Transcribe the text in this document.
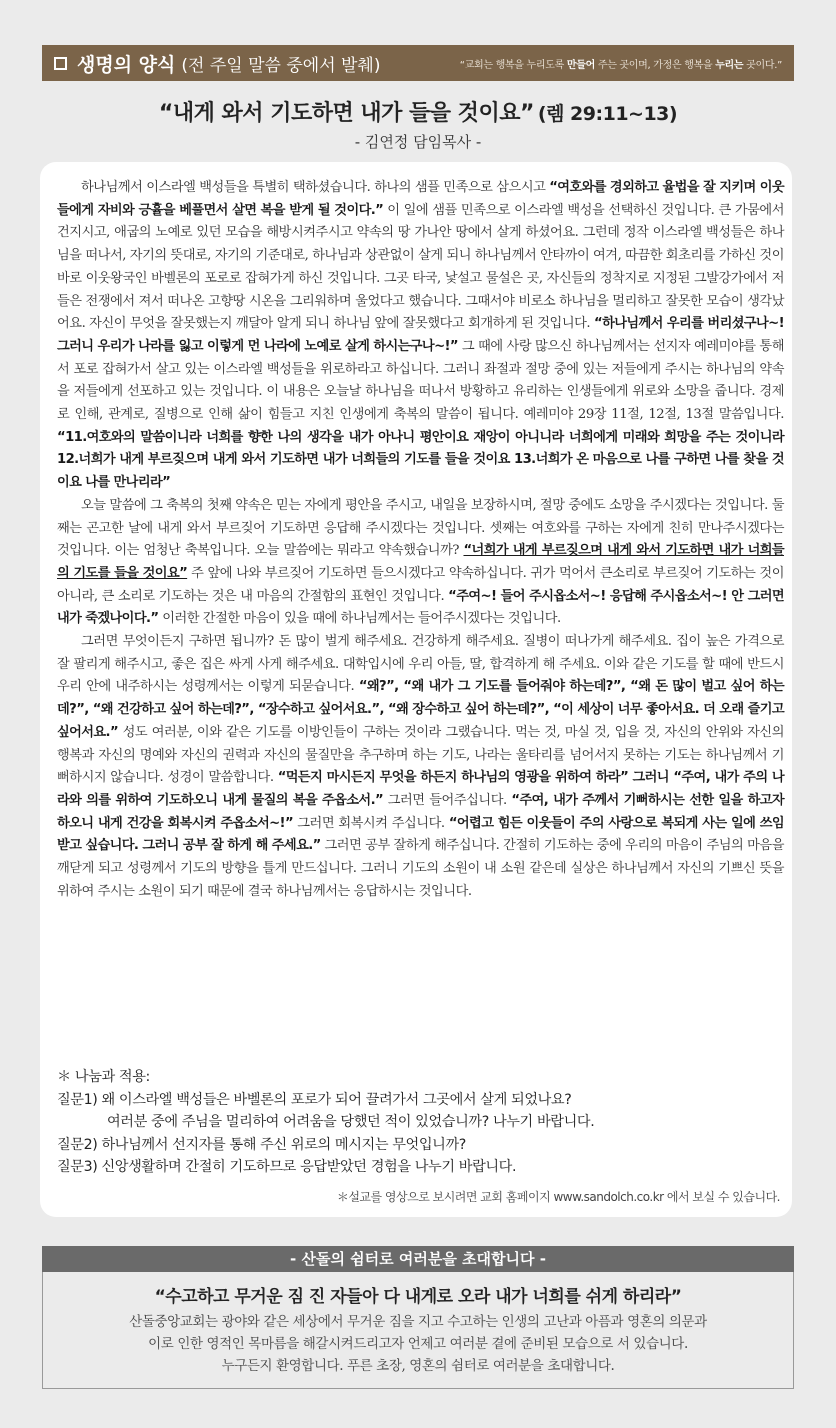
생명의 양식 (전 주일 말씀 중에서 발췌)	“교회는 행복을 누리도록 만들어 주는 곳이며, 가정은 행복을 누리는 곳이다.”
“내게 와서 기도하면 내가 들을 것이요” (렘 29:11~13)
- 김연정 담임목사 -

하나님께서 이스라엘 백성들을 특별히 택하셨습니다. 하나의 샘플 민족으로 삼으시고 “여호와를 경외하고 율법을 잘 지키며 이웃들에게 자비와 긍휼을 베풀면서 살면 복을 받게 될 것이다.” 이 일에 샘플 민족으로 이스라엘 백성을 선택하신 것입니다. 큰 가뭄에서 건지시고, 애굽의 노예로 있던 모습을 해방시켜주시고 약속의 땅 가나안 땅에서 살게 하셨어요. 그런데 정작 이스라엘 백성들은 하나님을 떠나서, 자기의 뜻대로, 자기의 기준대로, 하나님과 상관없이 살게 되니 하나님께서 안타까이 여겨, 따끔한 회초리를 가하신 것이 바로 이웃왕국인 바벨론의 포로로 잡혀가게 하신 것입니다. 그곳 타국, 낯설고 물설은 곳, 자신들의 정착지로 지정된 그발강가에서 저들은 전쟁에서 져서 떠나온 고향땅 시온을 그리워하며 울었다고 했습니다. 그때서야 비로소 하나님을 멀리하고 잘못한 모습이 생각났어요. 자신이 무엇을 잘못했는지 깨달아 알게 되니 하나님 앞에 잘못했다고 회개하게 된 것입니다. “하나님께서 우리를 버리셨구나~! 그러니 우리가 나라를 잃고 이렇게 먼 나라에 노예로 살게 하시는구나~!” 그 때에 사랑 많으신 하나님께서는 선지자 예레미야를 통해서 포로 잡혀가서 살고 있는 이스라엘 백성들을 위로하라고 하십니다. 그러니 좌절과 절망 중에 있는 저들에게 주시는 하나님의 약속을 저들에게 선포하고 있는 것입니다. 이 내용은 오늘날 하나님을 떠나서 방황하고 유리하는 인생들에게 위로와 소망을 줍니다. 경제로 인해, 관계로, 질병으로 인해 삶이 힘들고 지친 인생에게 축복의 말씀이 됩니다. 예레미야 29장 11절, 12절, 13절 말씀입니다. “11.여호와의 말씀이니라 너희를 향한 나의 생각을 내가 아나니 평안이요 재앙이 아니니라 너희에게 미래와 희망을 주는 것이니라 12.너희가 내게 부르짖으며 내게 와서 기도하면 내가 너희들의 기도를 들을 것이요 13.너희가 온 마음으로 나를 구하면 나를 찾을 것이요 나를 만나리라”

오늘 말씀에 그 축복의 첫째 약속은 믿는 자에게 평안을 주시고, 내일을 보장하시며, 절망 중에도 소망을 주시겠다는 것입니다. 둘째는 곤고한 날에 내게 와서 부르짖어 기도하면 응답해 주시겠다는 것입니다. 셋째는 여호와를 구하는 자에게 친히 만나주시겠다는 것입니다. 이는 엄청난 축복입니다. 오늘 말씀에는 뭐라고 약속했습니까? “너희가 내게 부르짖으며 내게 와서 기도하면 내가 너희들의 기도를 들을 것이요” 주 앞에 나와 부르짖어 기도하면 들으시겠다고 약속하십니다. 귀가 먹어서 큰소리로 부르짖어 기도하는 것이 아니라, 큰 소리로 기도하는 것은 내 마음의 간절함의 표현인 것입니다. “주여~! 들어 주시옵소서~! 응답해 주시옵소서~! 안 그러면 내가 죽겠나이다.” 이러한 간절한 마음이 있을 때에 하나님께서는 들어주시겠다는 것입니다.

그러면 무엇이든지 구하면 됩니까? 돈 많이 벌게 해주세요. 건강하게 해주세요. 질병이 떠나가게 해주세요. 집이 높은 가격으로 잘 팔리게 해주시고, 좋은 집은 싸게 사게 해주세요. 대학입시에 우리 아들, 딸, 합격하게 해 주세요. 이와 같은 기도를 할 때에 반드시 우리 안에 내주하시는 성령께서는 이렇게 되묻습니다. “왜?”, “왜 내가 그 기도를 들어줘야 하는데?”, “왜 돈 많이 벌고 싶어 하는데?”, “왜 건강하고 싶어 하는데?”, “장수하고 싶어서요.”, “왜 장수하고 싶어 하는데?”, “이 세상이 너무 좋아서요. 더 오래 즐기고 싶어서요.” 성도 여러분, 이와 같은 기도를 이방인들이 구하는 것이라 그랬습니다. 먹는 것, 마실 것, 입을 것, 자신의 안위와 자신의 행복과 자신의 명예와 자신의 권력과 자신의 물질만을 추구하며 하는 기도, 나라는 울타리를 넘어서지 못하는 기도는 하나님께서 기뻐하시지 않습니다. 성경이 말씀합니다. “먹든지 마시든지 무엇을 하든지 하나님의 영광을 위하여 하라” 그러니 “주여, 내가 주의 나라와 의를 위하여 기도하오니 내게 물질의 복을 주옵소서.” 그러면 들어주십니다. “주여, 내가 주께서 기뻐하시는 선한 일을 하고자 하오니 내게 건강을 회복시켜 주옵소서~!” 그러면 회복시켜 주십니다. “어렵고 힘든 이웃들이 주의 사랑으로 복되게 사는 일에 쓰임 받고 싶습니다. 그러니 공부 잘 하게 해 주세요.” 그러면 공부 잘하게 해주십니다. 간절히 기도하는 중에 우리의 마음이 주님의 마음을 깨닫게 되고 성령께서 기도의 방향을 틀게 만드십니다. 그러니 기도의 소원이 내 소원 같은데 실상은 하나님께서 자신의 기쁘신 뜻을 위하여 주시는 소원이 되기 때문에 결국 하나님께서는 응답하시는 것입니다.

＊ 나눔과 적용:
질문1) 왜 이스라엘 백성들은 바벨론의 포로가 되어 끌려가서 그곳에서 살게 되었나요?
여러분 중에 주님을 멀리하여 어려움을 당했던 적이 있었습니까? 나누기 바랍니다.
질문2) 하나님께서 선지자를 통해 주신 위로의 메시지는 무엇입니까?
질문3) 신앙생활하며 간절히 기도하므로 응답받았던 경험을 나누기 바랍니다.
＊설교를 영상으로 보시려면 교회 홈페이지 www.sandolch.co.kr 에서 보실 수 있습니다.
- 산돌의 쉼터로 여러분을 초대합니다 -
“수고하고 무거운 짐 진 자들아 다 내게로 오라 내가 너희를 쉬게 하리라”
산돌중앙교회는 광야와 같은 세상에서 무거운 짐을 지고 수고하는 인생의 고난과 아픔과 영혼의 의문과
이로 인한 영적인 목마름을 해갈시켜드리고자 언제고 여러분 곁에 준비된 모습으로 서 있습니다.
누구든지 환영합니다. 푸른 초장, 영혼의 쉼터로 여러분을 초대합니다.
